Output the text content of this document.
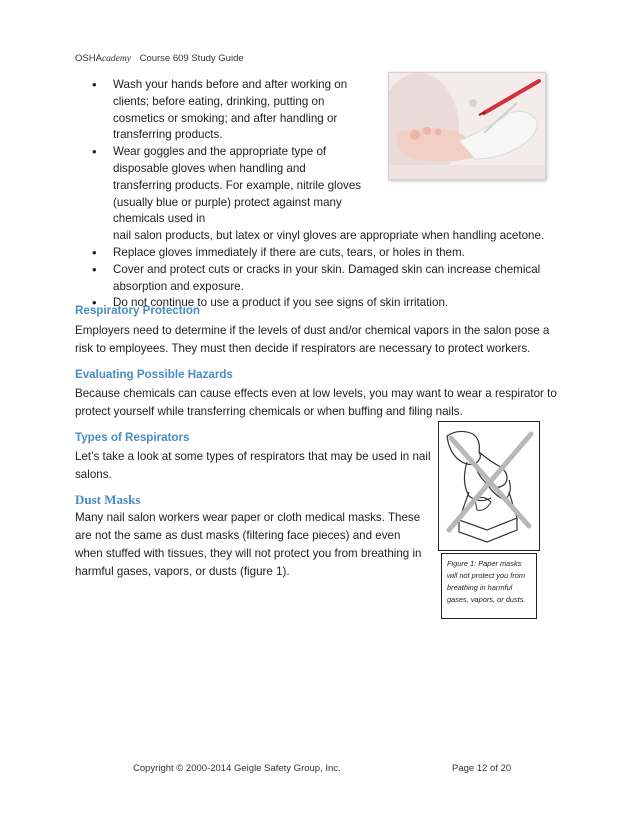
OSHAcademy Course 609 Study Guide
• Wash your hands before and after working on clients; before eating, drinking, putting on cosmetics or smoking; and after handling or transferring products.
• Wear goggles and the appropriate type of disposable gloves when handling and transferring products. For example, nitrile gloves (usually blue or purple) protect against many chemicals used in
nail salon products, but latex or vinyl gloves are appropriate when handling acetone.
• Replace gloves immediately if there are cuts, tears, or holes in them.
• Cover and protect cuts or cracks in your skin. Damaged skin can increase chemical absorption and exposure.
• Do not continue to use a product if you see signs of skin irritation.
Respiratory Protection
Employers need to determine if the levels of dust and/or chemical vapors in the salon pose a risk to employees. They must then decide if respirators are necessary to protect workers.
Evaluating Possible Hazards
Because chemicals can cause effects even at low levels, you may want to wear a respirator to protect yourself while transferring chemicals or when buffing and filing nails.
Types of Respirators
Let’s take a look at some types of respirators that may be used in nail salons.
Dust Masks
Many nail salon workers wear paper or cloth medical masks. These are not the same as dust masks (filtering face pieces) and even when stuffed with tissues, they will not protect you from breathing in harmful gases, vapors, or dusts (figure 1).
Figure 1: Paper masks will not protect you from breathing in harmful gases, vapors, or dusts.
Copyright © 2000-2014 Geigle Safety Group, Inc.	Page 12 of 20
